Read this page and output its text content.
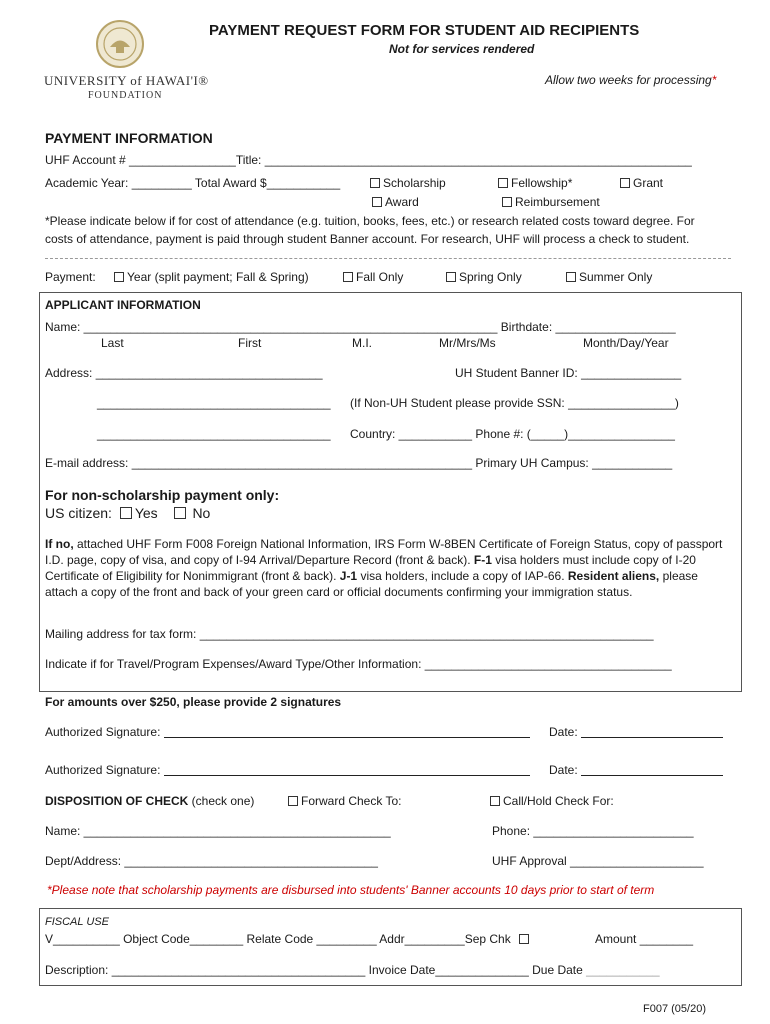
UNIVERSITY of HAWAI'I®
FOUNDATION
PAYMENT REQUEST FORM FOR STUDENT AID RECIPIENTS
Not for services rendered
Allow two weeks for processing*
PAYMENT INFORMATION
UHF Account # ________________Title: ________________________________________________________________
Academic Year: _________ Total Award $___________	Scholarship	Fellowship*	Grant
Award	Reimbursement
*Please indicate below if for cost of attendance (e.g. tuition, books, fees, etc.) or research related costs toward degree. For
costs of attendance, payment is paid through student Banner account. For research, UHF will process a check to student.
Payment:	Year (split payment; Fall & Spring)	Fall Only	Spring Only	Summer Only
APPLICANT INFORMATION
Name: ______________________________________________________________ Birthdate: __________________
Last	First	M.I.	Mr/Mrs/Ms	Month/Day/Year
Address: __________________________________	UH Student Banner ID: _______________
___________________________________ (If Non-UH Student please provide SSN: ________________)
___________________________________ Country: ___________ Phone #: (_____)________________
E-mail address: ___________________________________________________ Primary UH Campus: ____________
For non-scholarship payment only:
US citizen: Yes No
If no, attached UHF Form F008 Foreign National Information, IRS Form W-8BEN Certificate of Foreign Status, copy of passport I.D. page, copy of visa, and copy of I-94 Arrival/Departure Record (front & back). F-1 visa holders must include copy of I-20 Certificate of Eligibility for Nonimmigrant (front & back). J-1 visa holders, include a copy of IAP-66. Resident aliens, please attach a copy of the front and back of your green card or official documents confirming your immigration status.
Mailing address for tax form: ____________________________________________________________________
Indicate if for Travel/Program Expenses/Award Type/Other Information: _____________________________________
For amounts over $250, please provide 2 signatures
Authorized Signature:	Date:
Authorized Signature:	Date:
DISPOSITION OF CHECK (check one)	Forward Check To:	Call/Hold Check For:
Name: ______________________________________________	Phone: ________________________
Dept/Address: ______________________________________	UHF Approval ____________________
*Please note that scholarship payments are disbursed into students' Banner accounts 10 days prior to start of term
FISCAL USE
V__________ Object Code________ Relate Code _________ Addr_________Sep Chk	Amount ________
Description: ______________________________________ Invoice Date______________ Due Date ___________
F007 (05/20)
